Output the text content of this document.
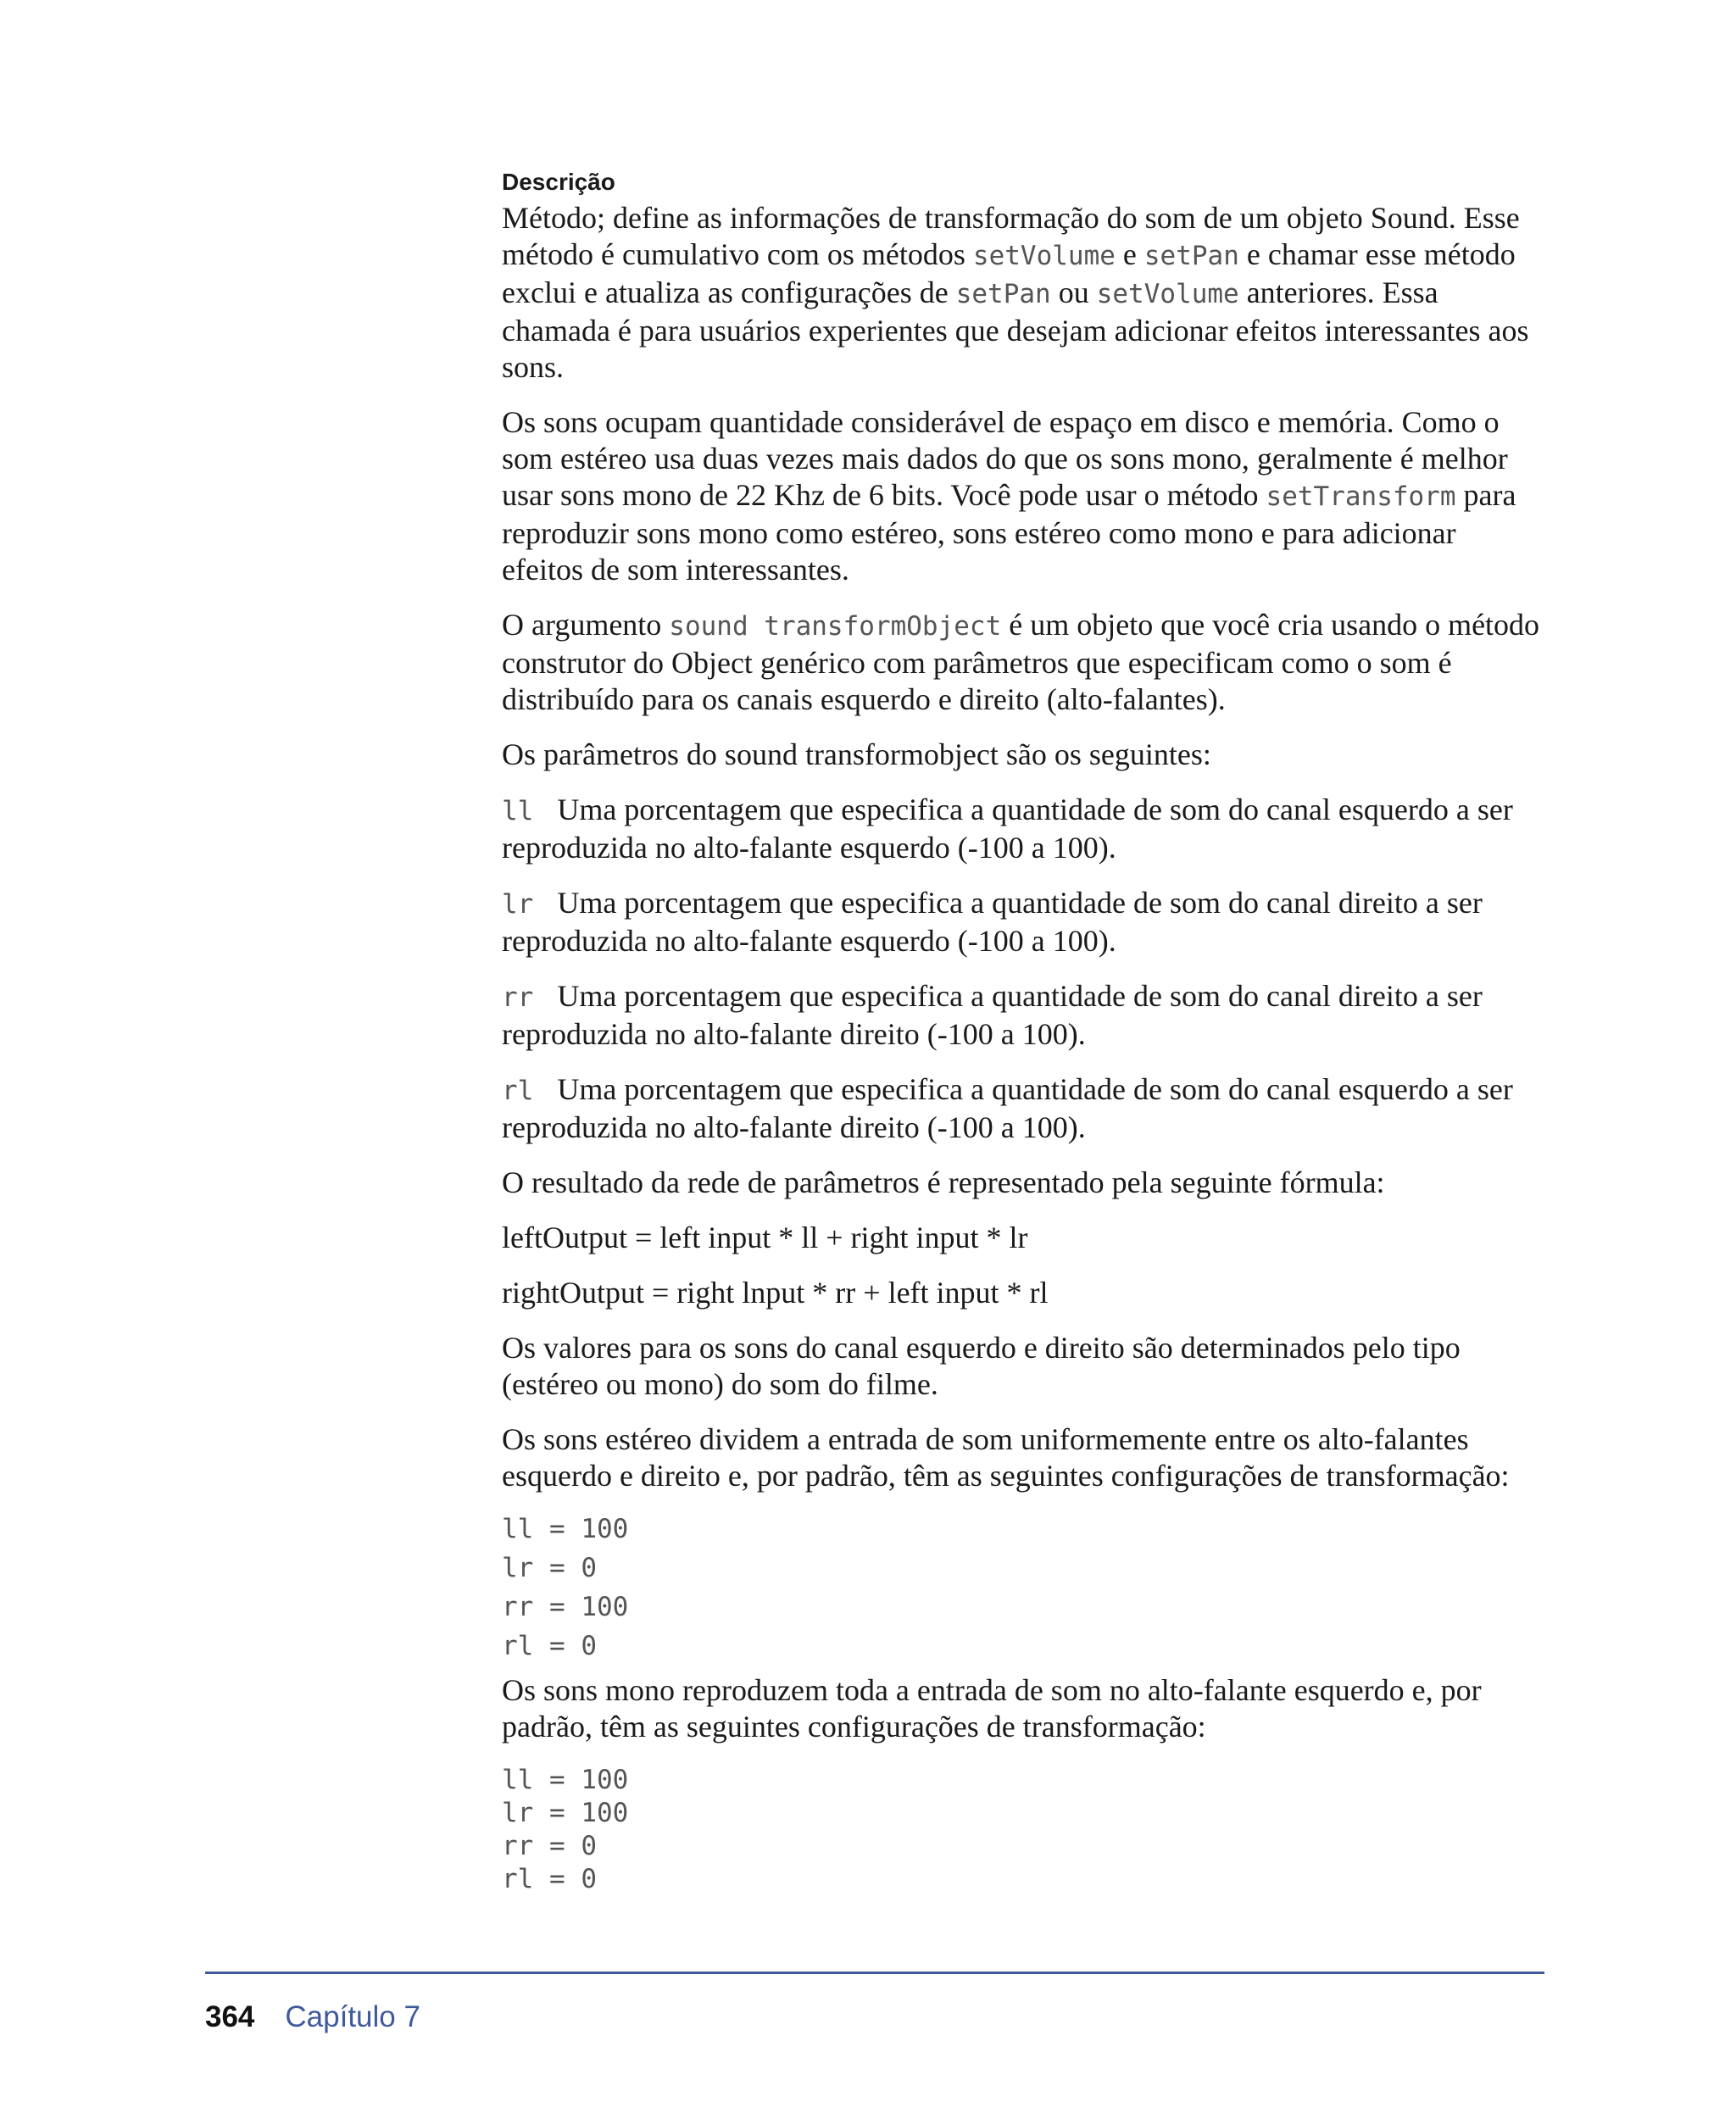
Descrição

Método; define as informações de transformação do som de um objeto Sound. Esse método é cumulativo com os métodos setVolume e setPan e chamar esse método exclui e atualiza as configurações de setPan ou setVolume anteriores. Essa chamada é para usuários experientes que desejam adicionar efeitos interessantes aos sons.

Os sons ocupam quantidade considerável de espaço em disco e memória. Como o som estéreo usa duas vezes mais dados do que os sons mono, geralmente é melhor usar sons mono de 22 Khz de 6 bits. Você pode usar o método setTransform para reproduzir sons mono como estéreo, sons estéreo como mono e para adicionar efeitos de som interessantes.

O argumento sound transformObject é um objeto que você cria usando o método construtor do Object genérico com parâmetros que especificam como o som é distribuído para os canais esquerdo e direito (alto-falantes).

Os parâmetros do sound transformobject são os seguintes:

ll Uma porcentagem que especifica a quantidade de som do canal esquerdo a ser reproduzida no alto-falante esquerdo (-100 a 100).

lr Uma porcentagem que especifica a quantidade de som do canal direito a ser reproduzida no alto-falante esquerdo (-100 a 100).

rr Uma porcentagem que especifica a quantidade de som do canal direito a ser reproduzida no alto-falante direito (-100 a 100).

rl Uma porcentagem que especifica a quantidade de som do canal esquerdo a ser reproduzida no alto-falante direito (-100 a 100).

O resultado da rede de parâmetros é representado pela seguinte fórmula:

leftOutput = left input * ll + right input * lr

rightOutput = right lnput * rr + left input * rl

Os valores para os sons do canal esquerdo e direito são determinados pelo tipo (estéreo ou mono) do som do filme.

Os sons estéreo dividem a entrada de som uniformemente entre os alto-falantes esquerdo e direito e, por padrão, têm as seguintes configurações de transformação:

ll = 100
lr = 0
rr = 100
rl = 0

Os sons mono reproduzem toda a entrada de som no alto-falante esquerdo e, por padrão, têm as seguintes configurações de transformação:

ll = 100
lr = 100
rr = 0
rl = 0
364 Capítulo 7
